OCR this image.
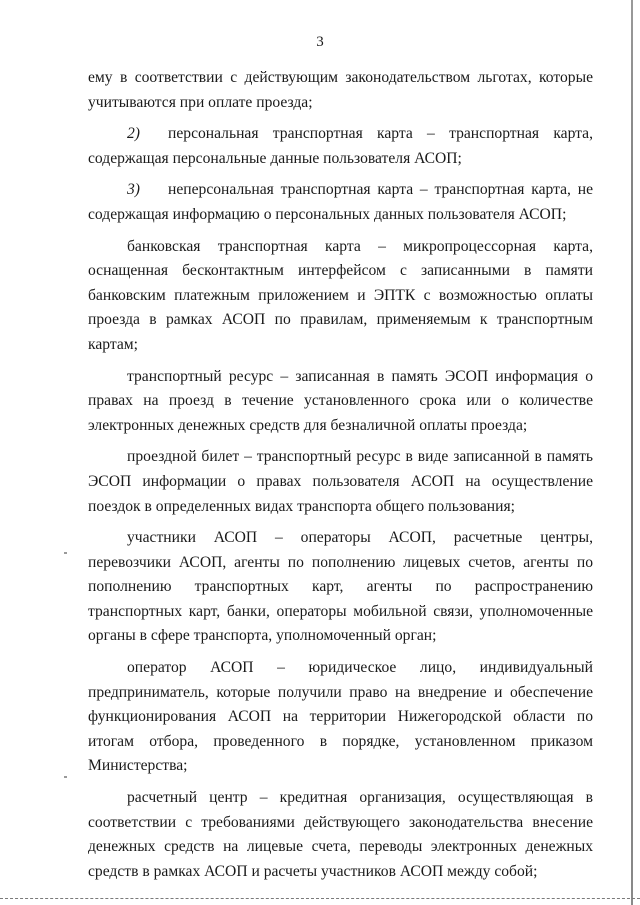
3

ему в соответствии с действующим законодательством льготах, которые учитываются при оплате проезда;

2) персональная транспортная карта – транспортная карта, содержащая персональные данные пользователя АСОП;

3) неперсональная транспортная карта – транспортная карта, не содержащая информацию о персональных данных пользователя АСОП;

банковская транспортная карта – микропроцессорная карта, оснащенная бесконтактным интерфейсом с записанными в памяти банковским платежным приложением и ЭПТК с возможностью оплаты проезда в рамках АСОП по правилам, применяемым к транспортным картам;

транспортный ресурс – записанная в память ЭСОП информация о правах на проезд в течение установленного срока или о количестве электронных денежных средств для безналичной оплаты проезда;

проездной билет – транспортный ресурс в виде записанной в память ЭСОП информации о правах пользователя АСОП на осуществление поездок в определенных видах транспорта общего пользования;

участники АСОП – операторы АСОП, расчетные центры, перевозчики АСОП, агенты по пополнению лицевых счетов, агенты по пополнению транспортных карт, агенты по распространению транспортных карт, банки, операторы мобильной связи, уполномоченные органы в сфере транспорта, уполномоченный орган;

оператор АСОП – юридическое лицо, индивидуальный предприниматель, которые получили право на внедрение и обеспечение функционирования АСОП на территории Нижегородской области по итогам отбора, проведенного в порядке, установленном приказом Министерства;

расчетный центр – кредитная организация, осуществляющая в соответствии с требованиями действующего законодательства внесение денежных средств на лицевые счета, переводы электронных денежных средств в рамках АСОП и расчеты участников АСОП между собой;
